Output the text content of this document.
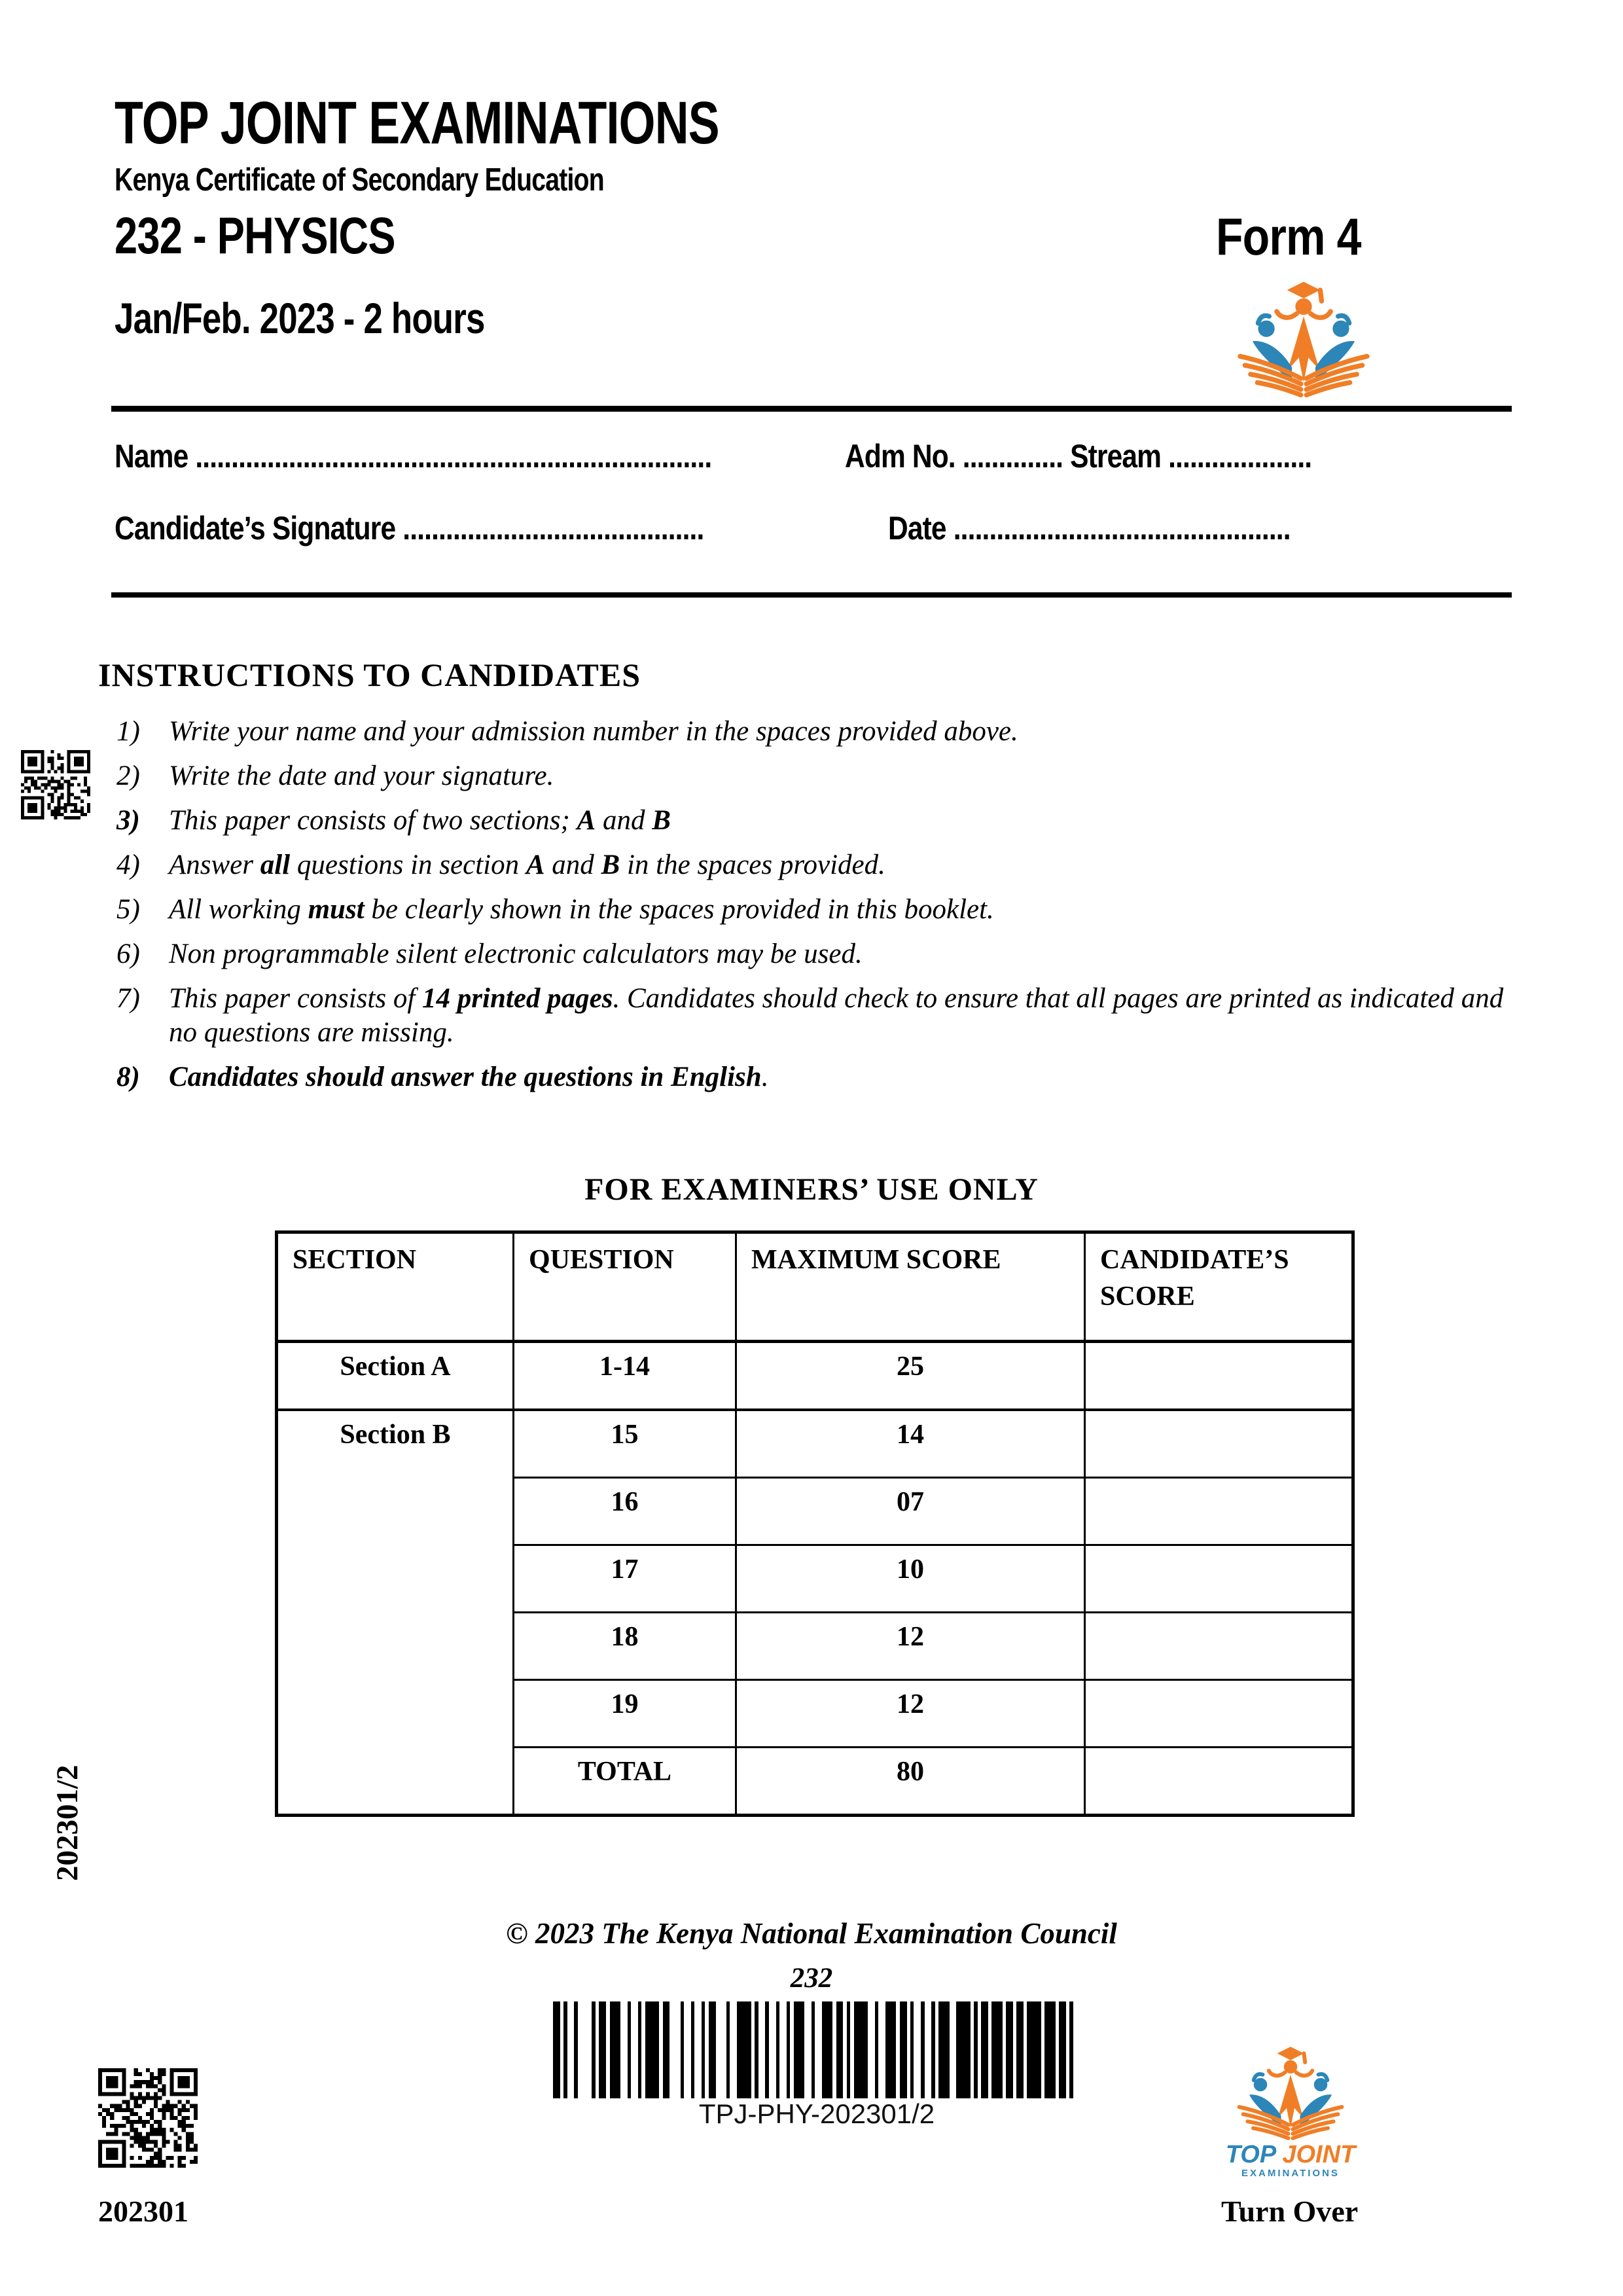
TOP JOINT EXAMINATIONS
Kenya Certificate of Secondary Education
232 - PHYSICS	Form 4
Jan/Feb. 2023 - 2 hours
Name ........................................................................	Adm No. .............. Stream ....................
Candidate’s Signature ..........................................	Date ...............................................
INSTRUCTIONS TO CANDIDATES
1)	Write your name and your admission number in the spaces provided above.
2)	Write the date and your signature.
3)	This paper consists of two sections; A and B
4)	Answer all questions in section A and B in the spaces provided.
5)	All working must be clearly shown in the spaces provided in this booklet.
6)	Non programmable silent electronic calculators may be used.
7)	This paper consists of 14 printed pages. Candidates should check to ensure that all pages are printed as indicated and no questions are missing.
8)	Candidates should answer the questions in English.
FOR EXAMINERS’ USE ONLY
SECTION	QUESTION	MAXIMUM SCORE	CANDIDATE’S SCORE
Section A	1-14	25	
Section B	15	14	
	16	07	
	17	10	
	18	12	
	19	12	
	TOTAL	80	
202301/2
© 2023 The Kenya National Examination Council
232
TPJ-PHY-202301/2
202301	Turn Over
TOP JOINT
EXAMINATIONS
